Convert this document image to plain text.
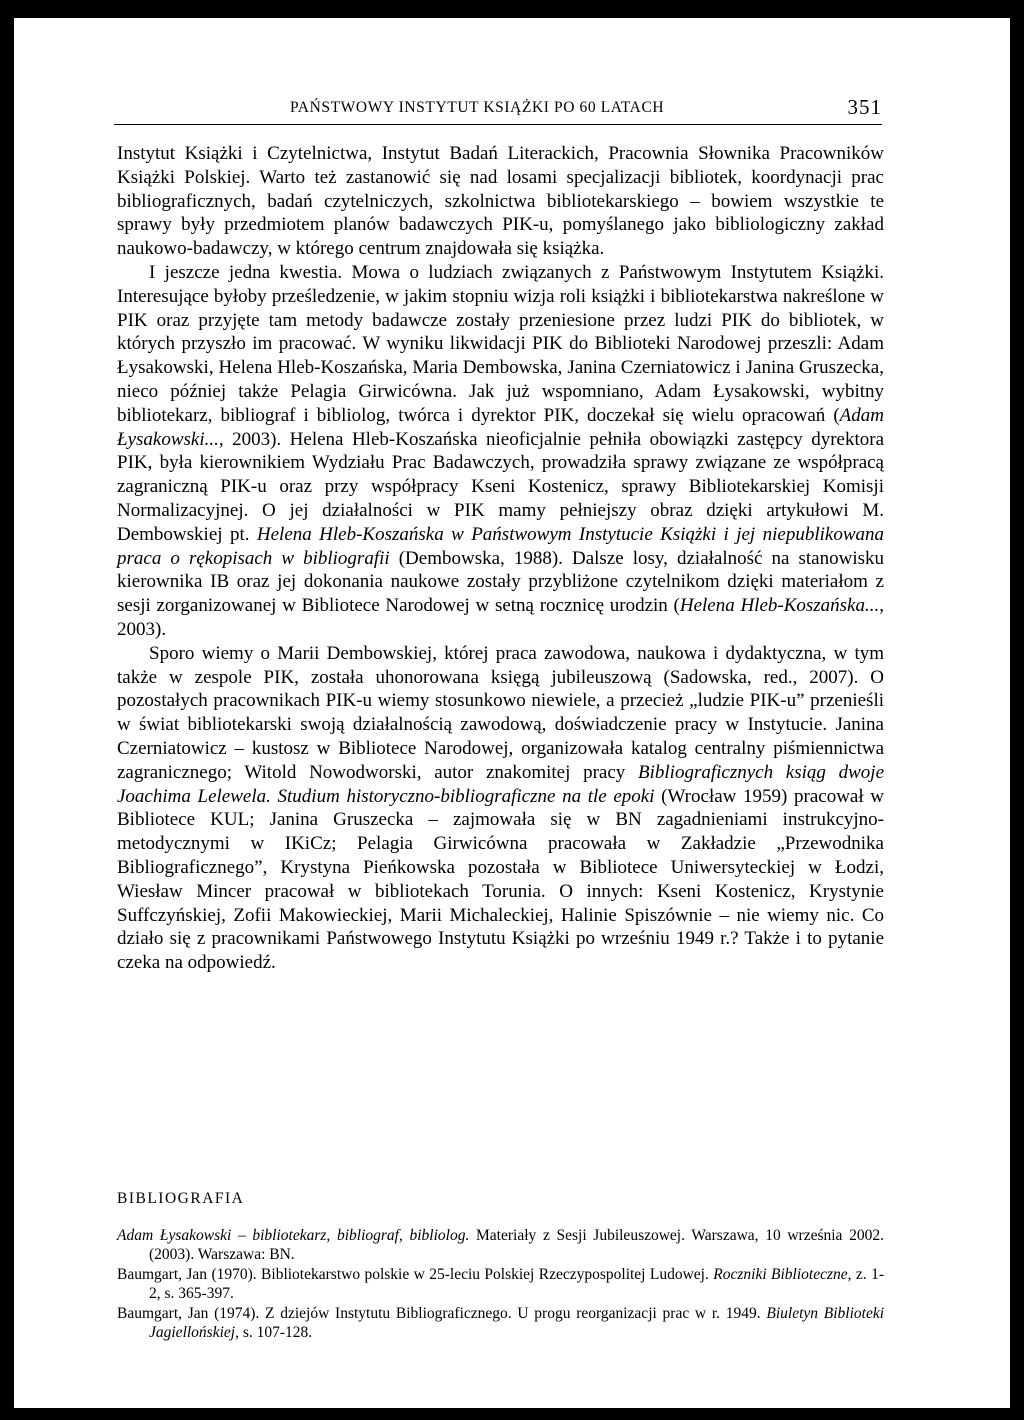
PAŃSTWOWY INSTYTUT KSIĄŻKI PO 60 LATACH	351

Instytut Książki i Czytelnictwa, Instytut Badań Literackich, Pracownia Słownika Pracowników Książki Polskiej. Warto też zastanowić się nad losami specjalizacji bibliotek, koordynacji prac bibliograficznych, badań czytelniczych, szkolnictwa bibliotekarskiego – bowiem wszystkie te sprawy były przedmiotem planów badawczych PIK-u, pomyślanego jako bibliologiczny zakład naukowo-badawczy, w którego centrum znajdowała się książka.

I jeszcze jedna kwestia. Mowa o ludziach związanych z Państwowym Instytutem Książki. Interesujące byłoby prześledzenie, w jakim stopniu wizja roli książki i bibliotekarstwa nakreślone w PIK oraz przyjęte tam metody badawcze zostały przeniesione przez ludzi PIK do bibliotek, w których przyszło im pracować. W wyniku likwidacji PIK do Biblioteki Narodowej przeszli: Adam Łysakowski, Helena Hleb-Koszańska, Maria Dembowska, Janina Czerniatowicz i Janina Gruszecka, nieco później także Pelagia Girwicówna. Jak już wspomniano, Adam Łysakowski, wybitny bibliotekarz, bibliograf i bibliolog, twórca i dyrektor PIK, doczekał się wielu opracowań (Adam Łysakowski..., 2003). Helena Hleb-Koszańska nieoficjalnie pełniła obowiązki zastępcy dyrektora PIK, była kierownikiem Wydziału Prac Badawczych, prowadziła sprawy związane ze współpracą zagraniczną PIK-u oraz przy współpracy Kseni Kostenicz, sprawy Bibliotekarskiej Komisji Normalizacyjnej. O jej działalności w PIK mamy pełniejszy obraz dzięki artykułowi M. Dembowskiej pt. Helena Hleb-Koszańska w Państwowym Instytucie Książki i jej niepublikowana praca o rękopisach w bibliografii (Dembowska, 1988). Dalsze losy, działalność na stanowisku kierownika IB oraz jej dokonania naukowe zostały przybliżone czytelnikom dzięki materiałom z sesji zorganizowanej w Bibliotece Narodowej w setną rocznicę urodzin (Helena Hleb-Koszańska..., 2003).

Sporo wiemy o Marii Dembowskiej, której praca zawodowa, naukowa i dydaktyczna, w tym także w zespole PIK, została uhonorowana księgą jubileuszową (Sadowska, red., 2007). O pozostałych pracownikach PIK-u wiemy stosunkowo niewiele, a przecież „ludzie PIK-u” przenieśli w świat bibliotekarski swoją działalnością zawodową, doświadczenie pracy w Instytucie. Janina Czerniatowicz – kustosz w Bibliotece Narodowej, organizowała katalog centralny piśmiennictwa zagranicznego; Witold Nowodworski, autor znakomitej pracy Bibliograficznych ksiąg dwoje Joachima Lelewela. Studium historyczno-bibliograficzne na tle epoki (Wrocław 1959) pracował w Bibliotece KUL; Janina Gruszecka – zajmowała się w BN zagadnieniami instrukcyjno-metodycznymi w IKiCz; Pelagia Girwicówna pracowała w Zakładzie „Przewodnika Bibliograficznego”, Krystyna Pieńkowska pozostała w Bibliotece Uniwersyteckiej w Łodzi, Wiesław Mincer pracował w bibliotekach Torunia. O innych: Kseni Kostenicz, Krystynie Suffczyńskiej, Zofii Makowieckiej, Marii Michaleckiej, Halinie Spiszównie – nie wiemy nic. Co działo się z pracownikami Państwowego Instytutu Książki po wrześniu 1949 r.? Także i to pytanie czeka na odpowiedź.

BIBLIOGRAFIA

Adam Łysakowski – bibliotekarz, bibliograf, bibliolog. Materiały z Sesji Jubileuszowej. Warszawa, 10 września 2002. (2003). Warszawa: BN.

Baumgart, Jan (1970). Bibliotekarstwo polskie w 25-leciu Polskiej Rzeczypospolitej Ludowej. Roczniki Biblioteczne, z. 1-2, s. 365-397.

Baumgart, Jan (1974). Z dziejów Instytutu Bibliograficznego. U progu reorganizacji prac w r. 1949. Biuletyn Biblioteki Jagiellońskiej, s. 107-128.
